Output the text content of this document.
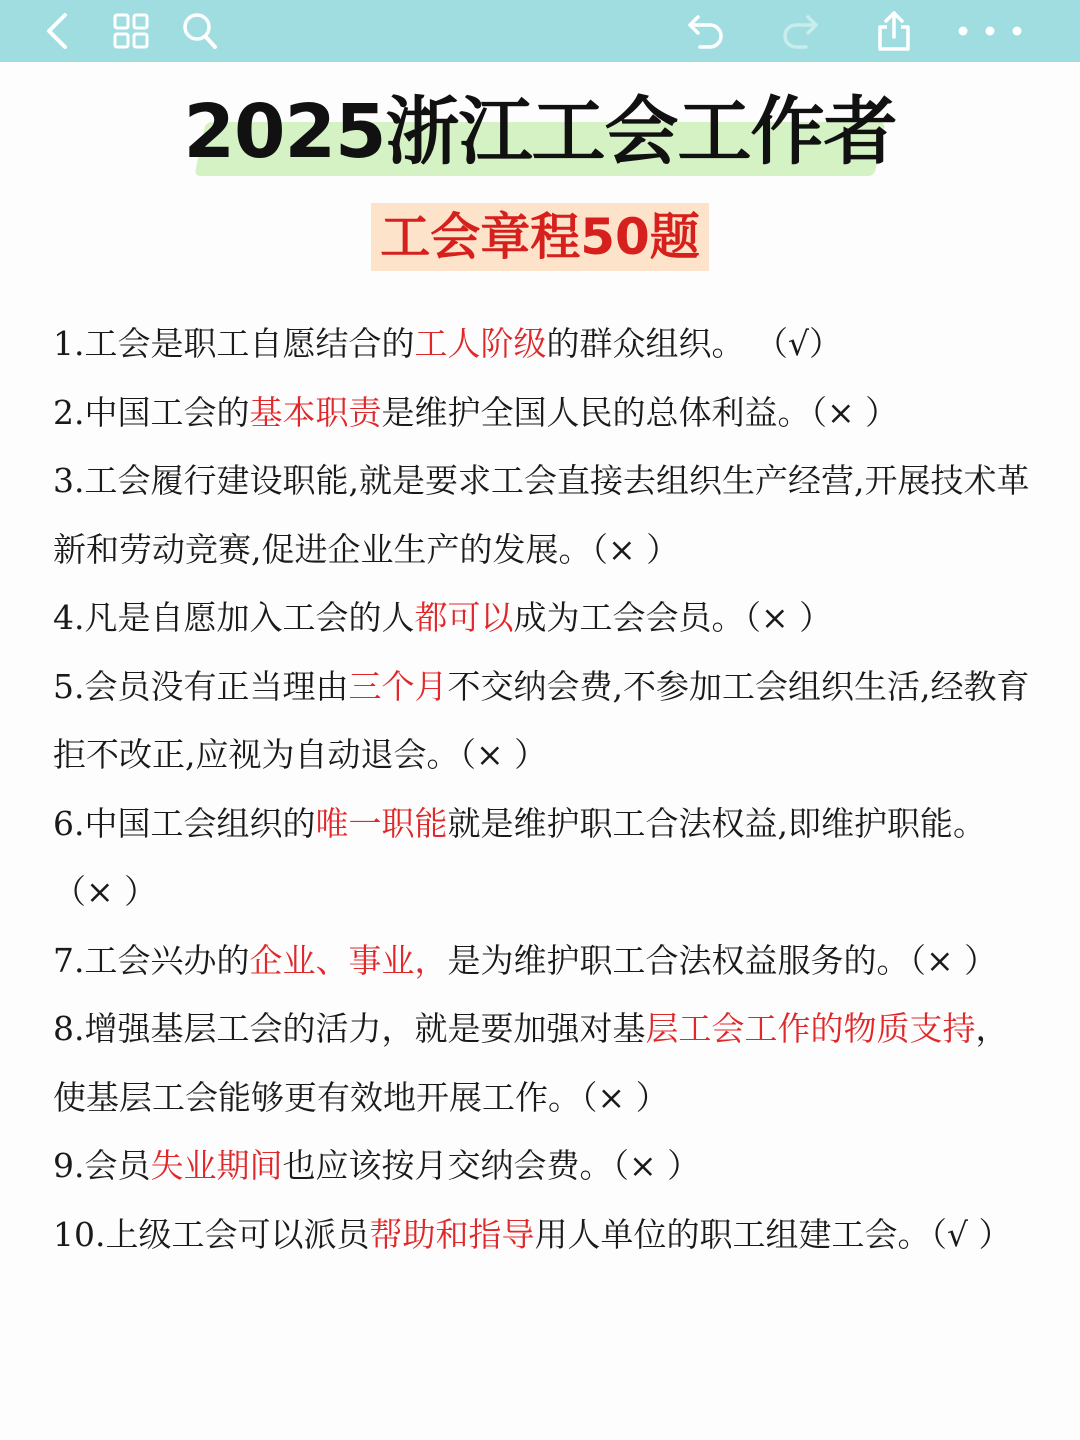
2025浙江工会工作者
工会章程50题

1.工会是职工自愿结合的工人阶级的群众组织。 （√）

2.中国工会的基本职责是维护全国人民的总体利益。（× ）

3.工会履行建设职能,就是要求工会直接去组织生产经营,开展技术革新和劳动竞赛,促进企业生产的发展。（× ）

4.凡是自愿加入工会的人都可以成为工会会员。（× ）

5.会员没有正当理由三个月不交纳会费,不参加工会组织生活,经教育拒不改正,应视为自动退会。（× ）

6.中国工会组织的唯一职能就是维护职工合法权益,即维护职能。 （× ）

7.工会兴办的企业、事业，是为维护职工合法权益服务的。（× ）

8.增强基层工会的活力，就是要加强对基层工会工作的物质支持，使基层工会能够更有效地开展工作。（× ）

9.会员失业期间也应该按月交纳会费。（× ）

10.上级工会可以派员帮助和指导用人单位的职工组建工会。（√ ）
